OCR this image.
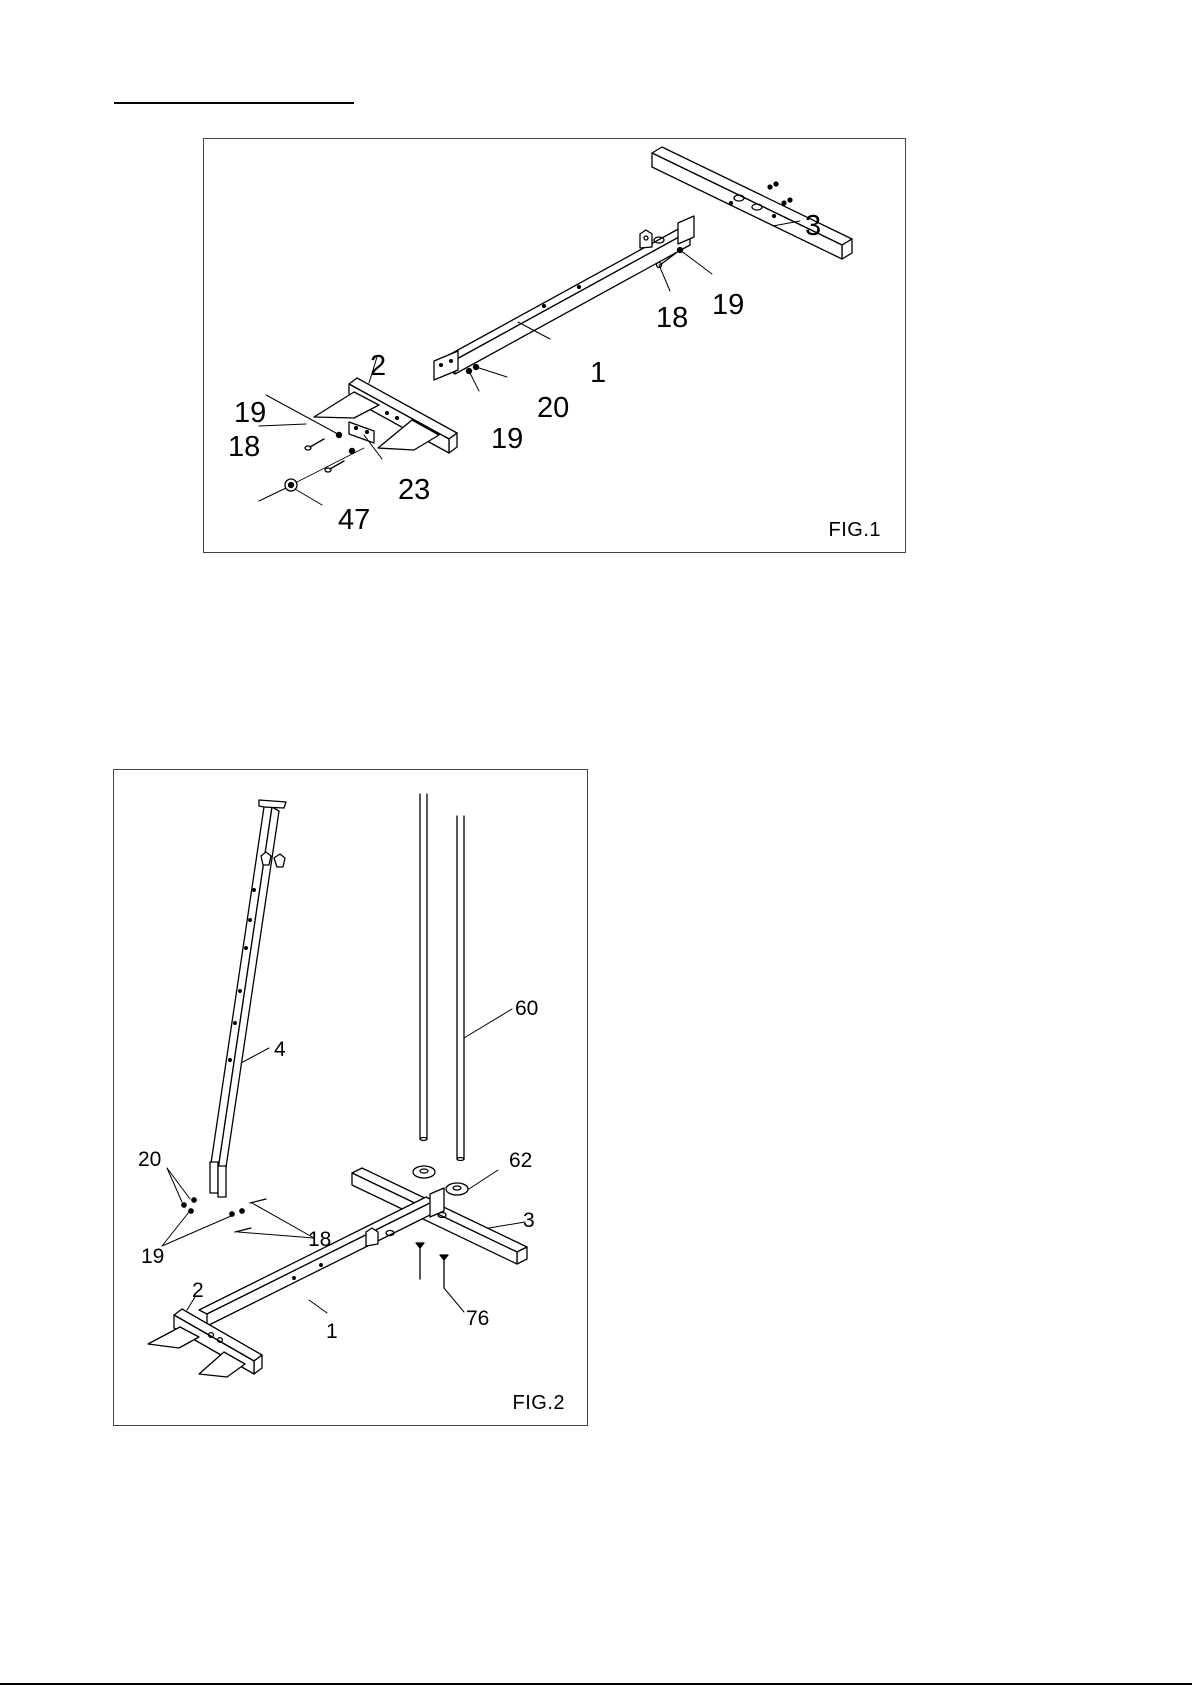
3
19
18
1
20
19
2
19
18
23
47	FIG.1
60
4
62
3
76
1
2
20
19
18
FIG.2
